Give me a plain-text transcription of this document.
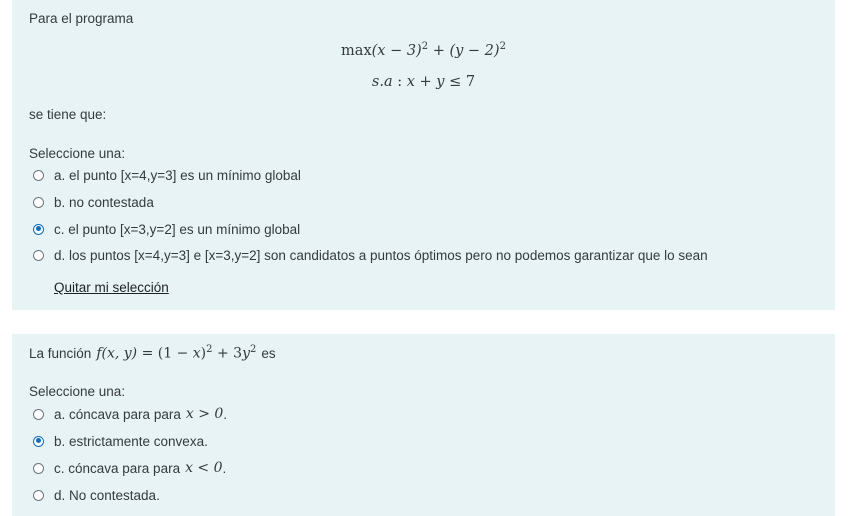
Para el programa
$\max(x - 3)^2 + (y - 2)^2$
s.a : x + y ≤ 7
se tiene que:
Seleccione una:
a. el punto [x=4,y=3] es un mínimo global
b. no contestada
c. el punto [x=3,y=2] es un mínimo global
d. los puntos [x=4,y=3] e [x=3,y=2] son candidatos a puntos óptimos pero no podemos garantizar que lo sean
Quitar mi selección
La función f(x, $y) = (1 - x)^2 + 3y^2$ es
Seleccione una:
a. cóncava para para x > 0 .
b. estrictamente convexa.
c. cóncava para para x < 0 .
d. No contestada.
